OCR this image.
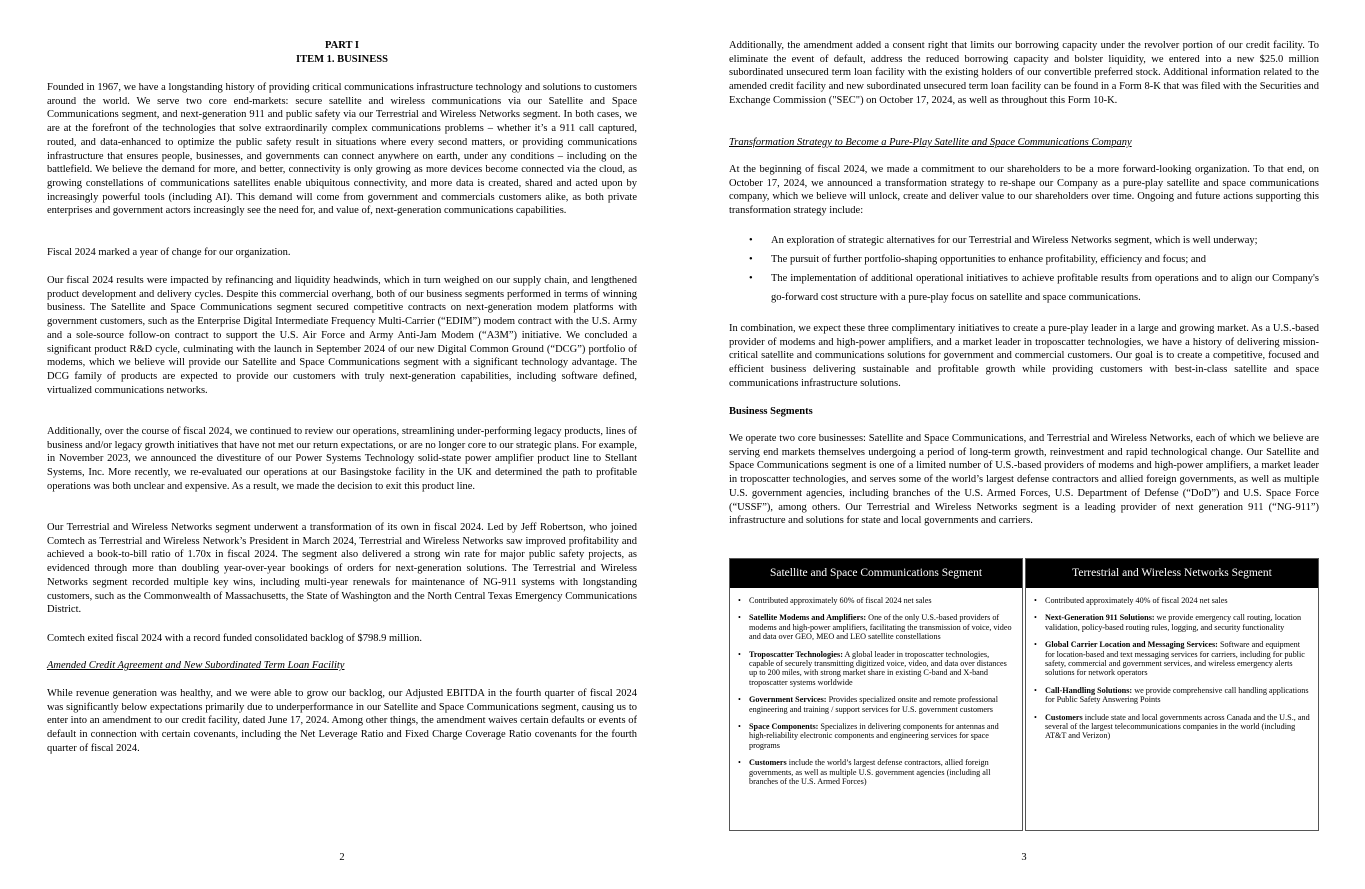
PART I
ITEM 1. BUSINESS

Founded in 1967, we have a longstanding history of providing critical communications infrastructure technology and solutions to customers around the world. We serve two core end-markets: secure satellite and wireless communications via our Satellite and Space Communications segment, and next-generation 911 and public safety via our Terrestrial and Wireless Networks segment. In both cases, we are at the forefront of the technologies that solve extraordinarily complex communications problems – whether it’s a 911 call captured, routed, and data-enhanced to optimize the public safety result in situations where every second matters, or providing communications infrastructure that ensures people, businesses, and governments can connect anywhere on earth, under any conditions – including on the battlefield. We believe the demand for more, and better, connectivity is only growing as more devices become connected via the cloud, as growing constellations of communications satellites enable ubiquitous connectivity, and more data is created, shared and acted upon by increasingly powerful tools (including AI). This demand will come from government and commercials customers alike, as both private enterprises and government actors increasingly see the need for, and value of, next-generation communications capabilities.

Fiscal 2024 marked a year of change for our organization.

Our fiscal 2024 results were impacted by refinancing and liquidity headwinds, which in turn weighed on our supply chain, and lengthened product development and delivery cycles. Despite this commercial overhang, both of our business segments performed in terms of winning business. The Satellite and Space Communications segment secured competitive contracts on next-generation modem platforms with government customers, such as the Enterprise Digital Intermediate Frequency Multi-Carrier (“EDIM”) modem contract with the U.S. Army and a sole-source follow-on contract to support the U.S. Air Force and Army Anti-Jam Modem (“A3M”) initiative. We concluded a significant product R&D cycle, culminating with the launch in September 2024 of our new Digital Common Ground (“DCG”) portfolio of modems, which we believe will provide our Satellite and Space Communications segment with a significant technology advantage. The DCG family of products are expected to provide our customers with truly next-generation capabilities, including software defined, virtualized communications networks.

Additionally, over the course of fiscal 2024, we continued to review our operations, streamlining under-performing legacy products, lines of business and/or legacy growth initiatives that have not met our return expectations, or are no longer core to our strategic plans. For example, in November 2023, we announced the divestiture of our Power Systems Technology solid-state power amplifier product line to Stellant Systems, Inc. More recently, we re-evaluated our operations at our Basingstoke facility in the UK and determined the path to profitable operations was both unclear and expensive. As a result, we made the decision to exit this product line.

Our Terrestrial and Wireless Networks segment underwent a transformation of its own in fiscal 2024. Led by Jeff Robertson, who joined Comtech as Terrestrial and Wireless Network’s President in March 2024, Terrestrial and Wireless Networks saw improved profitability and achieved a book-to-bill ratio of 1.70x in fiscal 2024. The segment also delivered a strong win rate for major public safety projects, as evidenced through more than doubling year-over-year bookings of orders for next-generation solutions. The Terrestrial and Wireless Networks segment recorded multiple key wins, including multi-year renewals for maintenance of NG-911 systems with longstanding customers, such as the Commonwealth of Massachusetts, the State of Washington and the North Central Texas Emergency Communications District.

Comtech exited fiscal 2024 with a record funded consolidated backlog of $798.9 million.

Amended Credit Agreement and New Subordinated Term Loan Facility

While revenue generation was healthy, and we were able to grow our backlog, our Adjusted EBITDA in the fourth quarter of fiscal 2024 was significantly below expectations primarily due to underperformance in our Satellite and Space Communications segment, causing us to enter into an amendment to our credit facility, dated June 17, 2024. Among other things, the amendment waives certain defaults or events of default in connection with certain covenants, including the Net Leverage Ratio and Fixed Charge Coverage Ratio covenants for the fourth quarter of fiscal 2024.

2

Additionally, the amendment added a consent right that limits our borrowing capacity under the revolver portion of our credit facility. To eliminate the event of default, address the reduced borrowing capacity and bolster liquidity, we entered into a new $25.0 million subordinated unsecured term loan facility with the existing holders of our convertible preferred stock. Additional information related to the amended credit facility and new subordinated unsecured term loan facility can be found in a Form 8-K that was filed with the Securities and Exchange Commission ("SEC") on October 17, 2024, as well as throughout this Form 10-K.

Transformation Strategy to Become a Pure-Play Satellite and Space Communications Company

At the beginning of fiscal 2024, we made a commitment to our shareholders to be a more forward-looking organization. To that end, on October 17, 2024, we announced a transformation strategy to re-shape our Company as a pure-play satellite and space communications company, which we believe will unlock, create and deliver value to our shareholders over time. Ongoing and future actions supporting this transformation strategy include:

• An exploration of strategic alternatives for our Terrestrial and Wireless Networks segment, which is well underway;
• The pursuit of further portfolio-shaping opportunities to enhance profitability, efficiency and focus; and
• The implementation of additional operational initiatives to achieve profitable results from operations and to align our Company's go-forward cost structure with a pure-play focus on satellite and space communications.

In combination, we expect these three complimentary initiatives to create a pure-play leader in a large and growing market. As a U.S.-based provider of modems and high-power amplifiers, and a market leader in troposcatter technologies, we have a history of delivering mission-critical satellite and communications solutions for government and commercial customers. Our goal is to create a competitive, focused and efficient business delivering sustainable and profitable growth while providing customers with best-in-class satellite and space communications infrastructure solutions.

Business Segments

We operate two core businesses: Satellite and Space Communications, and Terrestrial and Wireless Networks, each of which we believe are serving end markets themselves undergoing a period of long-term growth, reinvestment and rapid technological change. Our Satellite and Space Communications segment is one of a limited number of U.S.-based providers of modems and high-power amplifiers, a market leader in troposcatter technologies, and serves some of the world’s largest defense contractors and allied foreign governments, as well as multiple U.S. government agencies, including branches of the U.S. Armed Forces, U.S. Department of Defense (“DoD”) and U.S. Space Force (“USSF”), among others. Our Terrestrial and Wireless Networks segment is a leading provider of next generation 911 (“NG-911”) infrastructure and solutions for state and local governments and carriers.

Satellite and Space Communications Segment
• Contributed approximately 60% of fiscal 2024 net sales
• Satellite Modems and Amplifiers: One of the only U.S.-based providers of modems and high-power amplifiers, facilitating the transmission of voice, video and data over GEO, MEO and LEO satellite constellations
• Troposcatter Technologies: A global leader in troposcatter technologies, capable of securely transmitting digitized voice, video, and data over distances up to 200 miles, with strong market share in existing C-band and X-band troposcatter systems worldwide
• Government Services: Provides specialized onsite and remote professional engineering and training / support services for U.S. government customers
• Space Components: Specializes in delivering components for antennas and high-reliability electronic components and engineering services for space programs
• Customers include the world’s largest defense contractors, allied foreign governments, as well as multiple U.S. government agencies (including all branches of the U.S. Armed Forces)
Terrestrial and Wireless Networks Segment
• Contributed approximately 40% of fiscal 2024 net sales
• Next-Generation 911 Solutions: we provide emergency call routing, location validation, policy-based routing rules, logging, and security functionality
• Global Carrier Location and Messaging Services: Software and equipment for location-based and text messaging services for carriers, including for public safety, commercial and government services, and wireless emergency alerts solutions for network operators
• Call-Handling Solutions: we provide comprehensive call handling applications for Public Safety Answering Points
• Customers include state and local governments across Canada and the U.S., and several of the largest telecommunications companies in the world (including AT&T and Verizon)
3
